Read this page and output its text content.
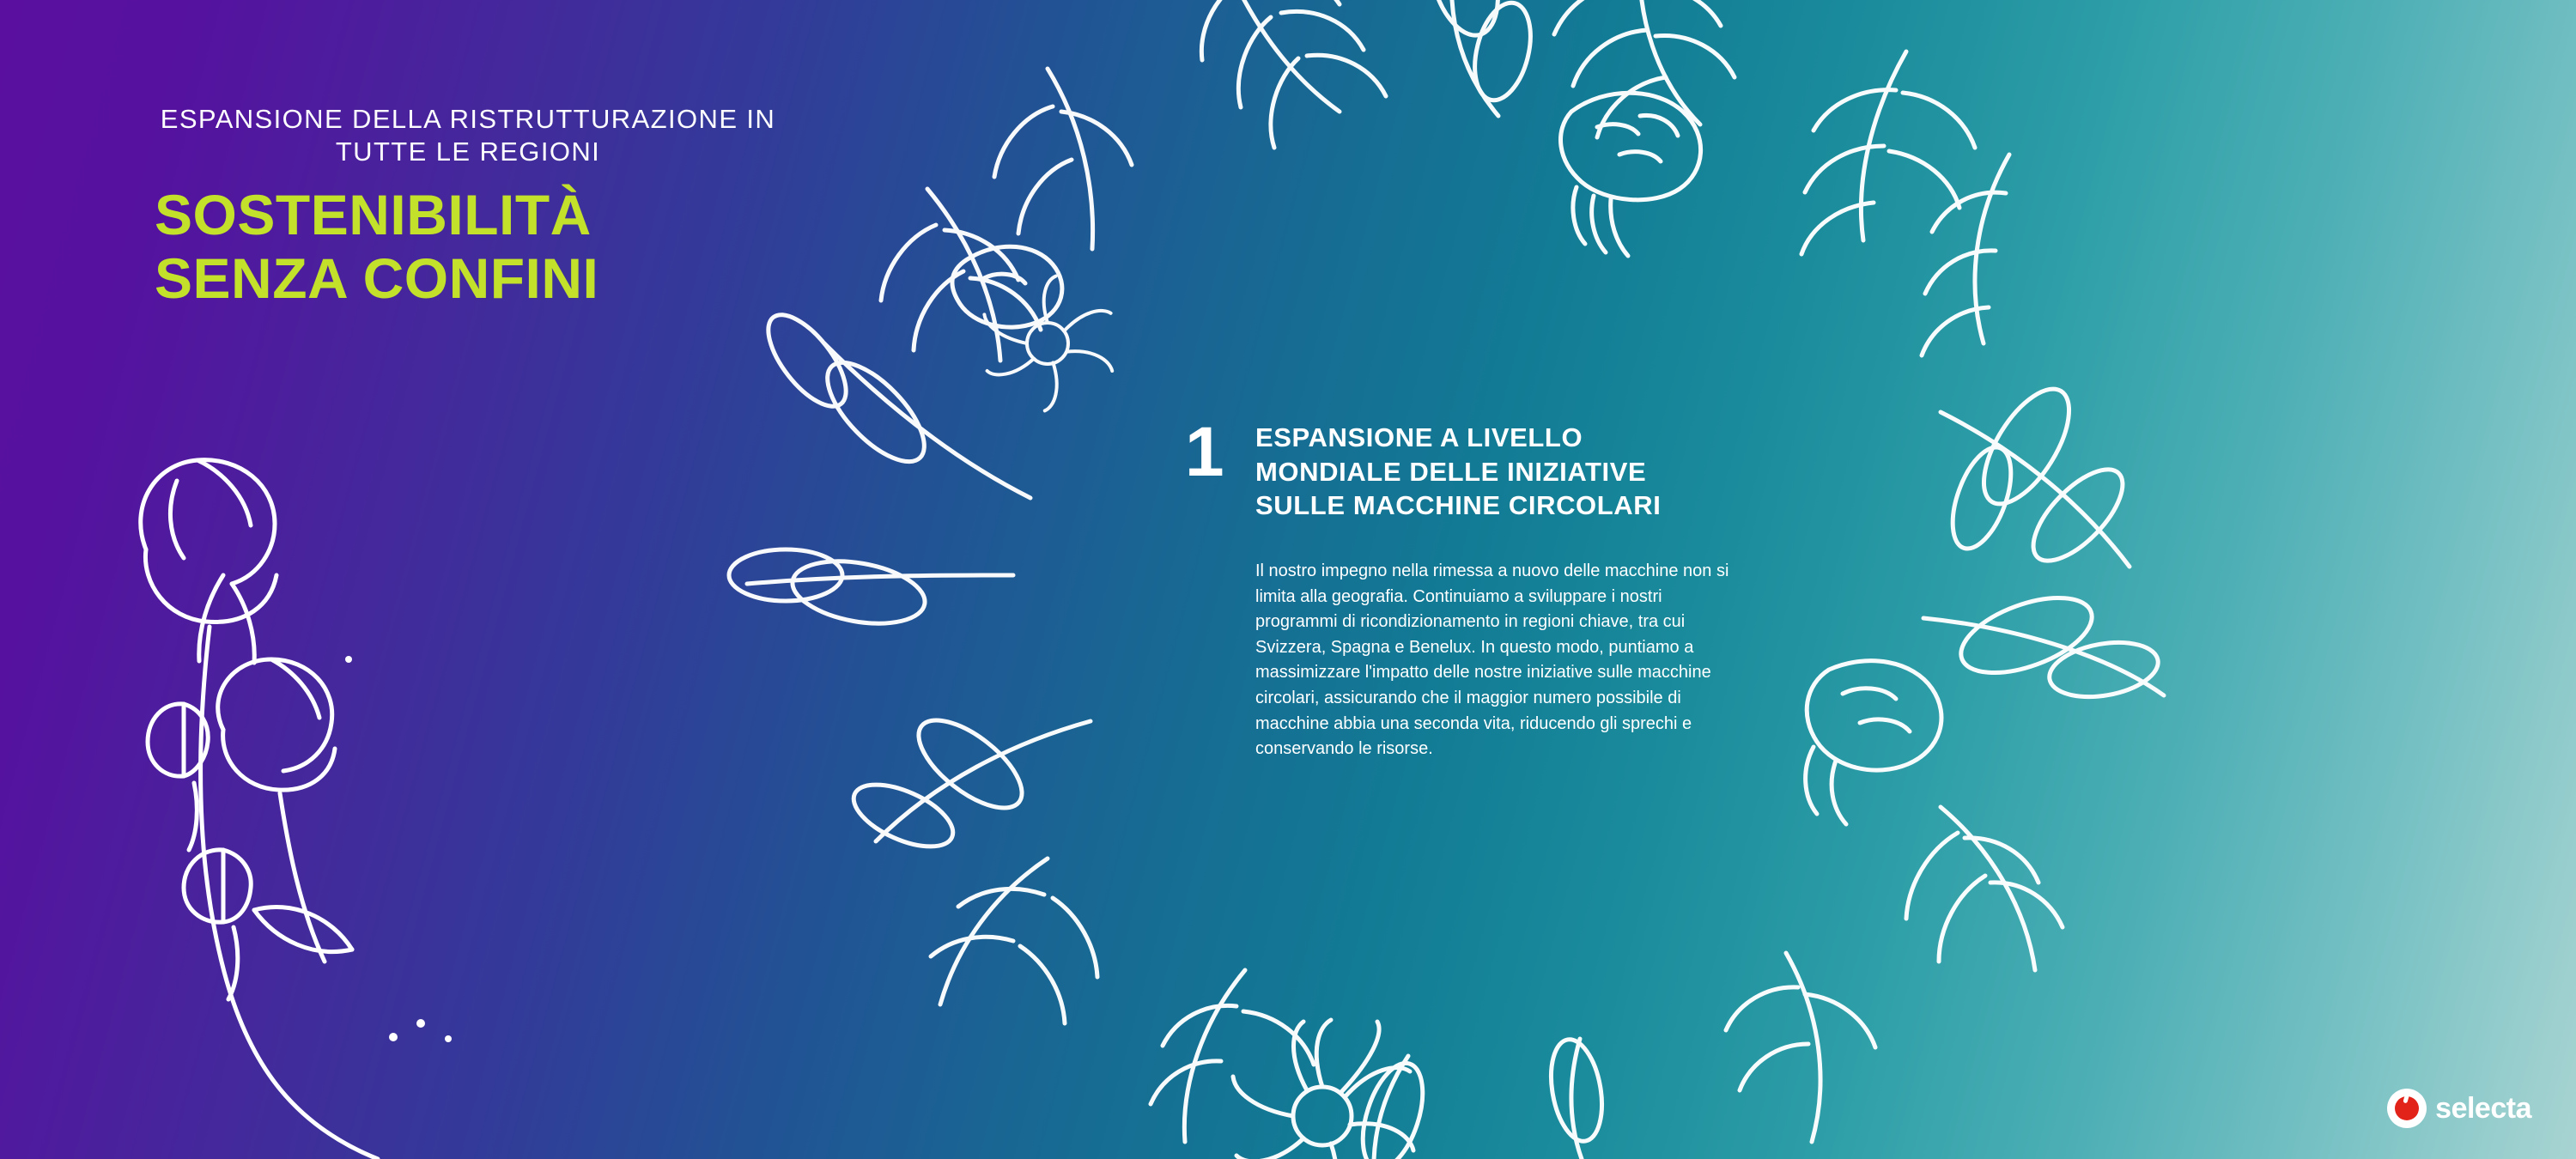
ESPANSIONE DELLA RISTRUTTURAZIONE IN TUTTE LE REGIONI

SOSTENIBILITÀ
SENZA CONFINI
1	ESPANSIONE A LIVELLO MONDIALE DELLE INIZIATIVE SULLE MACCHINE CIRCOLARI

Il nostro impegno nella rimessa a nuovo delle macchine non si limita alla geografia. Continuiamo a sviluppare i nostri programmi di ricondizionamento in regioni chiave, tra cui Svizzera, Spagna e Benelux. In questo modo, puntiamo a massimizzare l'impatto delle nostre iniziative sulle macchine circolari, assicurando che il maggior numero possibile di macchine abbia una seconda vita, riducendo gli sprechi e conservando le risorse.

selecta
